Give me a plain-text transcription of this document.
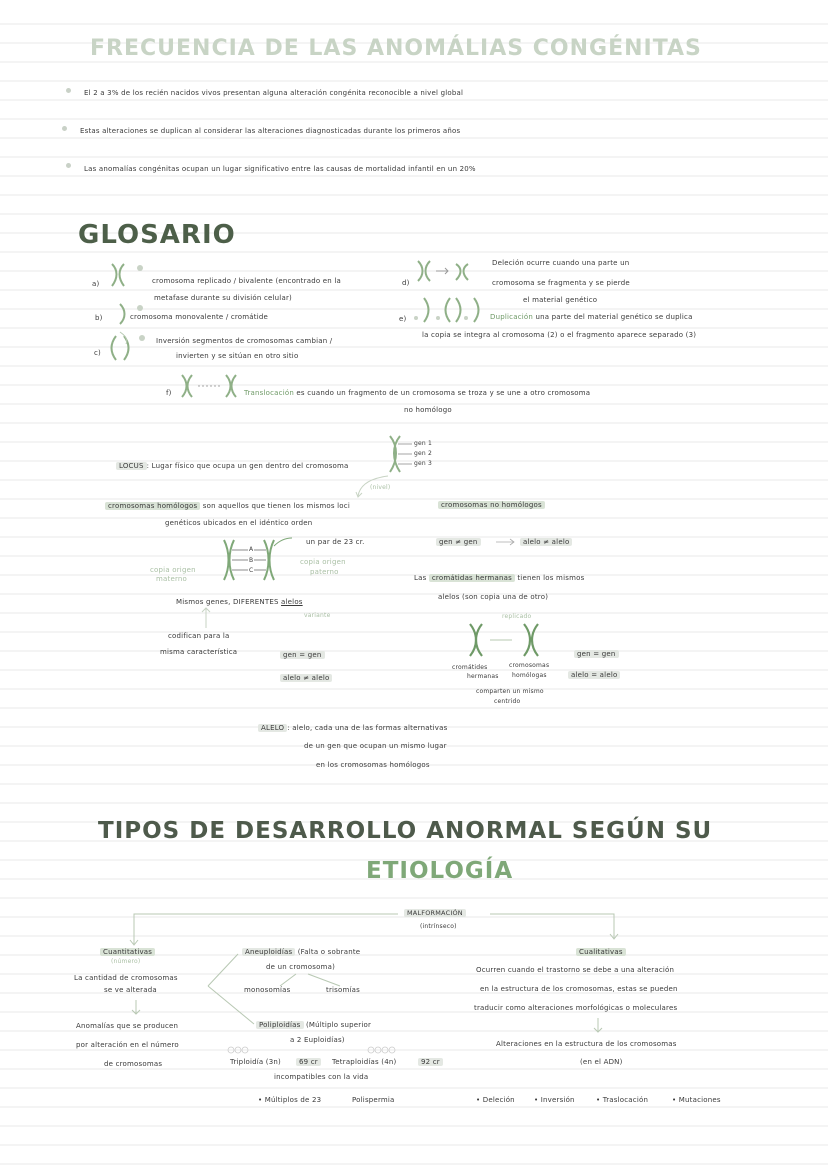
FRECUENCIA DE LAS ANOMÁLIAS CONGÉNITAS
El 2 a 3% de los recién nacidos vivos presentan alguna alteración congénita reconocible a nivel global
Estas alteraciones se duplican al considerar las alteraciones diagnosticadas durante los primeros años
Las anomalías congénitas ocupan un lugar significativo entre las causas de mortalidad infantil en un 20%
GLOSARIO
a)	cromosoma replicado / bivalente (encontrado en la
metafase durante su división celular)
b)	cromosoma monovalente / cromátide
c)
Inversión segmentos de cromosomas cambian /
invierten y se sitúan en otro sitio
d)
Deleción ocurre cuando una parte un
cromosoma se fragmenta y se pierde
el material genético
e)	Duplicación una parte del material genético se duplica
la copia se integra al cromosoma (2) o el fragmento aparece separado (3)
f)	Translocación es cuando un fragmento de un cromosoma se troza y se une a otro cromosoma
no homólogo
LOCUS : Lugar físico que ocupa un gen dentro del cromosoma
gen 1
gen 2
gen 3
(nivel)
cromosomas homólogos son aquellos que tienen los mismos loci
genéticos ubicados en el idéntico orden
A
B
C
un par de 23 cr.
copia origen
materno
copia origen
paterno
Mismos genes, DIFERENTES alelos
variante
codifican para la
misma característica	gen = gen
alelo ≠ alelo
cromosomas no homólogos
gen ≠ gen	alelo ≠ alelo
Las cromátidas hermanas tienen los mismos
alelos (son copia una de otro)
replicado
cromátides
hermanas
cromosomas
homólogas
comparten un mismo
centrido
gen = gen
alelo = alelo
ALELO : alelo, cada una de las formas alternativas
de un gen que ocupan un mismo lugar
en los cromosomas homólogos
TIPOS DE DESARROLLO ANORMAL SEGÚN SU
ETIOLOGÍA
MALFORMACIÓN
(intrínseco)
Cuantitativas
(número)
La cantidad de cromosomas
se ve alterada
Anomalías que se producen
por alteración en el número
de cromosomas
Aneuploidías (Falta o sobrante
de un cromosoma)
monosomías	trisomías
Poliploidías (Múltiplo superior
a 2 Euploidías)
Triploidía (3n)	69 cr	Tetraploidías (4n)	92 cr
incompatibles con la vida
• Múltiplos de 23	Polispermia
Cualitativas
Ocurren cuando el trastorno se debe a una alteración
en la estructura de los cromosomas, estas se pueden
traducir como alteraciones morfológicas o moleculares
Alteraciones en la estructura de los cromosomas
(en el ADN)
• Deleción	• Inversión	• Traslocación	• Mutaciones
